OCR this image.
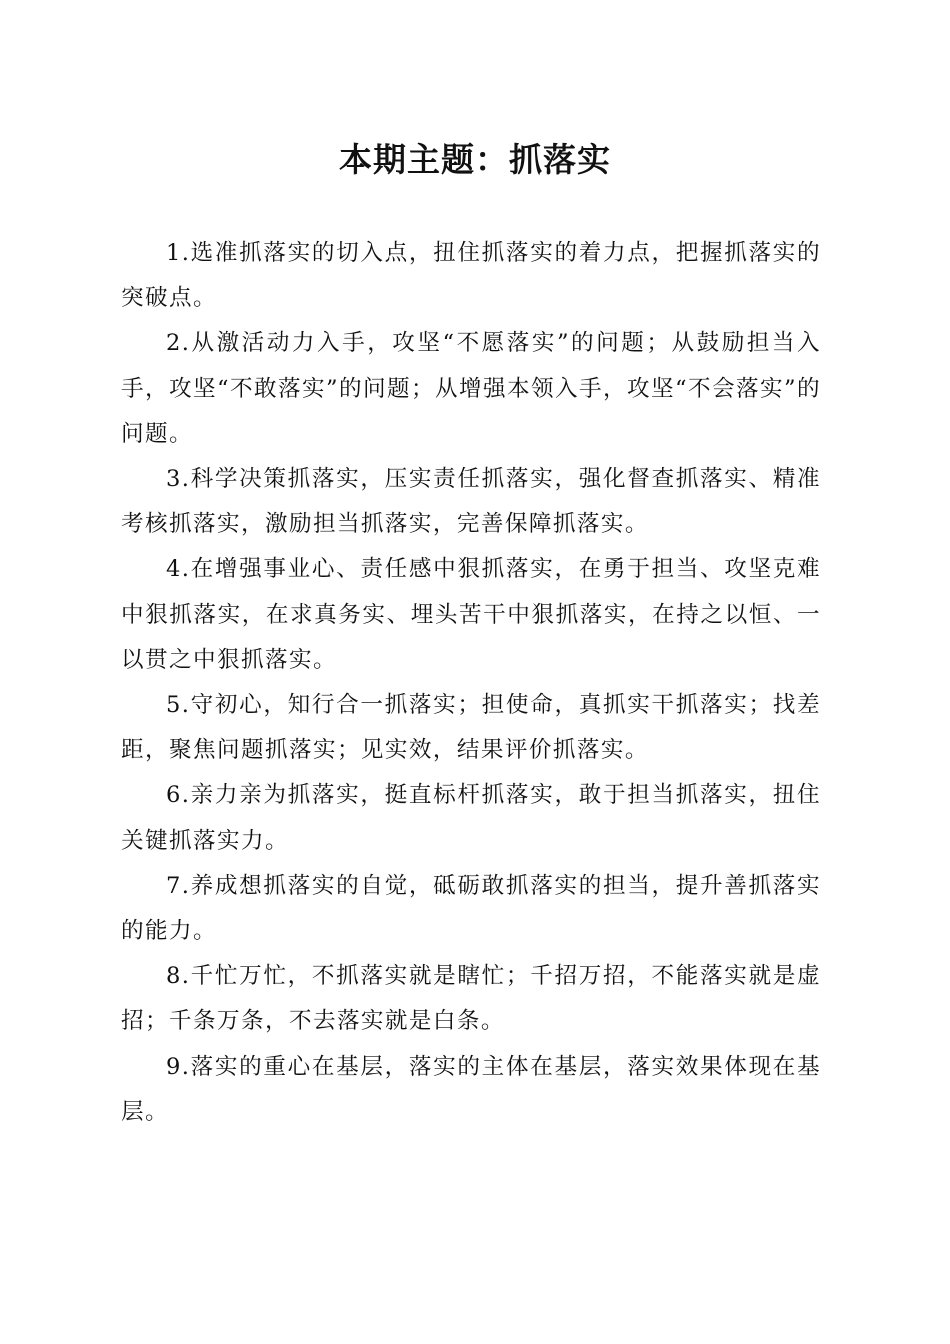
本期主题：抓落实

1.选准抓落实的切入点，扭住抓落实的着力点，把握抓落实的突破点。

2.从激活动力入手，攻坚“不愿落实”的问题；从鼓励担当入手，攻坚“不敢落实”的问题；从增强本领入手，攻坚“不会落实”的问题。

3.科学决策抓落实，压实责任抓落实，强化督查抓落实、精准考核抓落实，激励担当抓落实，完善保障抓落实。

4.在增强事业心、责任感中狠抓落实，在勇于担当、攻坚克难中狠抓落实，在求真务实、埋头苦干中狠抓落实，在持之以恒、一以贯之中狠抓落实。

5.守初心，知行合一抓落实；担使命，真抓实干抓落实；找差距，聚焦问题抓落实；见实效，结果评价抓落实。

6.亲力亲为抓落实，挺直标杆抓落实，敢于担当抓落实，扭住关键抓落实力。

7.养成想抓落实的自觉，砥砺敢抓落实的担当，提升善抓落实的能力。

8.千忙万忙，不抓落实就是瞎忙；千招万招，不能落实就是虚招；千条万条，不去落实就是白条。

9.落实的重心在基层，落实的主体在基层，落实效果体现在基层。
